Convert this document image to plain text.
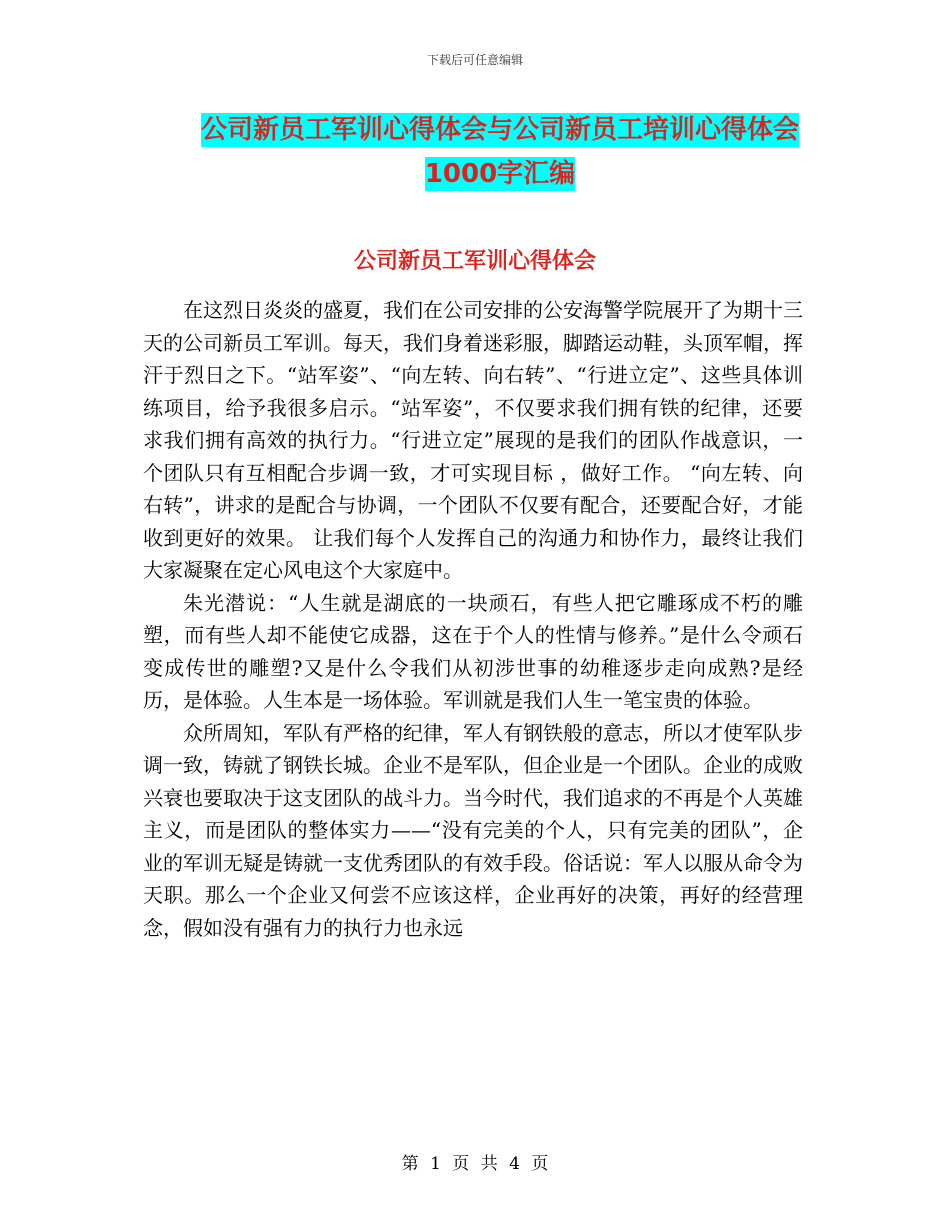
下载后可任意编辑
公司新员工军训心得体会与公司新员工培训心得体会
1000字汇编
公司新员工军训心得体会

在这烈日炎炎的盛夏，我们在公司安排的公安海警学院展开了为期十三天的公司新员工军训。每天，我们身着迷彩服，脚踏运动鞋，头顶军帽，挥汗于烈日之下。“站军姿”、“向左转、向右转”、“行进立定”、这些具体训练项目，给予我很多启示。“站军姿”，不仅要求我们拥有铁的纪律，还要求我们拥有高效的执行力。“行进立定”展现的是我们的团队作战意识，一个团队只有互相配合步调一致，才可实现目标 ，做好工作。 “向左转、向右转”，讲求的是配合与协调，一个团队不仅要有配合，还要配合好，才能收到更好的效果。 让我们每个人发挥自己的沟通力和协作力，最终让我们大家凝聚在定心风电这个大家庭中。

朱光潜说：“人生就是湖底的一块顽石，有些人把它雕琢成不朽的雕塑，而有些人却不能使它成器，这在于个人的性情与修养。”是什么令顽石变成传世的雕塑?又是什么令我们从初涉世事的幼稚逐步走向成熟?是经历，是体验。人生本是一场体验。军训就是我们人生一笔宝贵的体验。

众所周知，军队有严格的纪律，军人有钢铁般的意志，所以才使军队步调一致，铸就了钢铁长城。企业不是军队，但企业是一个团队。企业的成败兴衰也要取决于这支团队的战斗力。当今时代，我们追求的不再是个人英雄主义，而是团队的整体实力——“没有完美的个人，只有完美的团队”，企业的军训无疑是铸就一支优秀团队的有效手段。俗话说：军人以服从命令为天职。那么一个企业又何尝不应该这样，企业再好的决策，再好的经营理念，假如没有强有力的执行力也永远

第 1 页 共 4 页
